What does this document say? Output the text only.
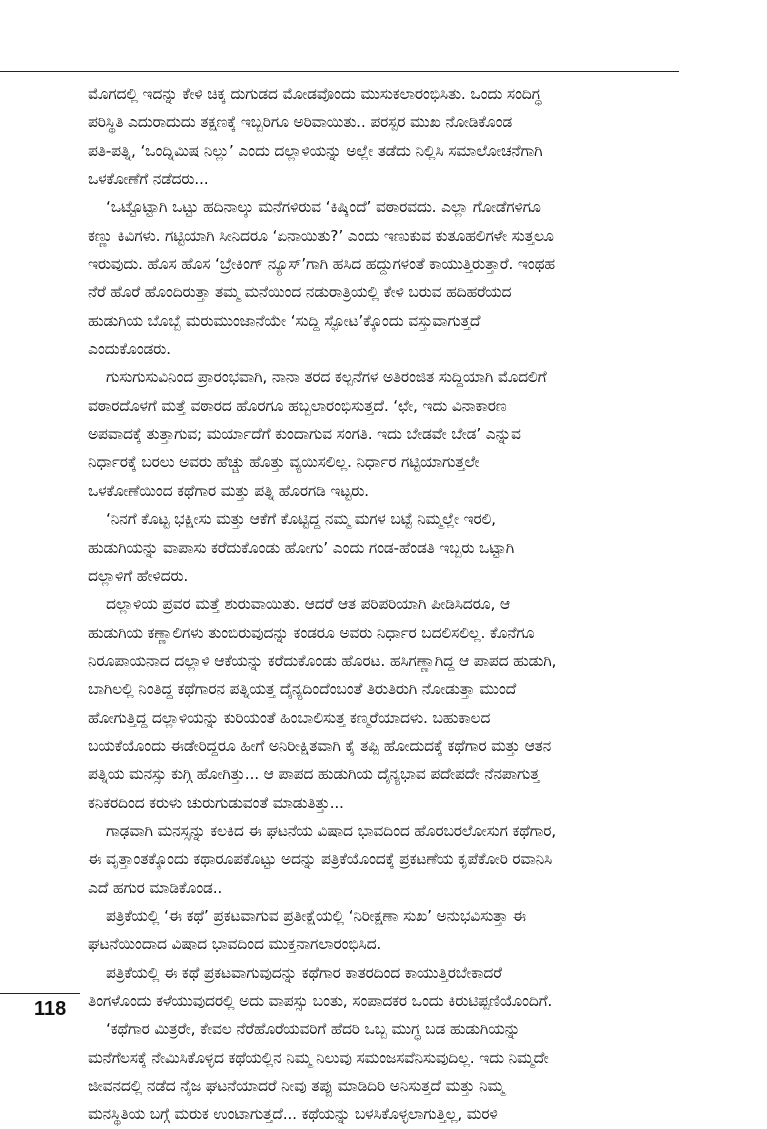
ಮೊಗದಲ್ಲಿ ಇದನ್ನು ಕೇಳಿ ಚಿಕ್ಕ ದುಗುಡದ ಮೋಡವೊಂದು ಮುಸುಕಲಾರಂಭಿಸಿತು. ಒಂದು ಸಂದಿಗ್ಧ
ಪರಿಸ್ಥಿತಿ ಎದುರಾದುದು ತಕ್ಷಣಕ್ಕೆ ಇಬ್ಬರಿಗೂ ಅರಿವಾಯಿತು.. ಪರಸ್ಪರ ಮುಖ ನೋಡಿಕೊಂಡ
ಪತಿ-ಪತ್ನಿ, ‘ಒಂದ್ನಿಮಿಷ ನಿಲ್ಲು’ ಎಂದು ದಲ್ಲಾಳಿಯನ್ನು ಅಲ್ಲೇ ತಡೆದು ನಿಲ್ಲಿಸಿ ಸಮಾಲೋಚನೆಗಾಗಿ
ಒಳಕೋಣೆಗೆ ನಡೆದರು...
‘ಒಟ್ಟೊಟ್ಟಾಗಿ ಒಟ್ಟು ಹದಿನಾಲ್ಕು ಮನೆಗಳಿರುವ ‘ಕಿಷ್ಕಿಂದೆ’ ವಠಾರವದು. ಎಲ್ಲಾ ಗೋಡೆಗಳಿಗೂ
ಕಣ್ಣು ಕಿವಿಗಳು. ಗಟ್ಟಿಯಾಗಿ ಸೀನಿದರೂ ‘ಏನಾಯಿತು?’ ಎಂದು ಇಣುಕುವ ಕುತೂಹಲಿಗಳೇ ಸುತ್ತಲೂ
ಇರುವುದು. ಹೊಸ ಹೊಸ ‘ಬ್ರೇಕಿಂಗ್ ನ್ಯೂಸ್’ಗಾಗಿ ಹಸಿದ ಹದ್ದುಗಳಂತೆ ಕಾಯುತ್ತಿರುತ್ತಾರೆ. ಇಂಥಹ
ನೆರೆ ಹೊರೆ ಹೊಂದಿರುತ್ತಾ ತಮ್ಮ ಮನೆಯಿಂದ ನಡುರಾತ್ರಿಯಲ್ಲಿ ಕೇಳಿ ಬರುವ ಹದಿಹರೆಯದ
ಹುಡುಗಿಯ ಬೊಬ್ಬೆ ಮರುಮುಂಜಾನೆಯೇ ‘ಸುದ್ದಿ ಸ್ಫೋಟ’ಕ್ಕೊಂದು ವಸ್ತುವಾಗುತ್ತದೆ
ಎಂದುಕೊಂಡರು.
ಗುಸುಗುಸುವಿನಿಂದ ಪ್ರಾರಂಭವಾಗಿ, ನಾನಾ ತರದ ಕಲ್ಪನೆಗಳ ಅತಿರಂಜಿತ ಸುದ್ದಿಯಾಗಿ ಮೊದಲಿಗೆ
ವಠಾರದೊಳಗೆ ಮತ್ತೆ ವಠಾರದ ಹೊರಗೂ ಹಬ್ಬಲಾರಂಭಿಸುತ್ತದೆ. ‘ಛೇ, ಇದು ವಿನಾಕಾರಣ
ಅಪವಾದಕ್ಕೆ ತುತ್ತಾಗುವ; ಮರ್ಯಾದೆಗೆ ಕುಂದಾಗುವ ಸಂಗತಿ. ಇದು ಬೇಡವೇ ಬೇಡ’ ಎನ್ನುವ
ನಿರ್ಧಾರಕ್ಕೆ ಬರಲು ಅವರು ಹೆಚ್ಚು ಹೊತ್ತು ವ್ಯಯಿಸಲಿಲ್ಲ. ನಿರ್ಧಾರ ಗಟ್ಟಿಯಾಗುತ್ತಲೇ
ಒಳಕೋಣೆಯಿಂದ ಕಥೆಗಾರ ಮತ್ತು ಪತ್ನಿ ಹೊರಗಡಿ ಇಟ್ಟರು.
‘ನಿನಗೆ ಕೊಟ್ಟ ಭಕ್ಷೀಸು ಮತ್ತು ಆಕೆಗೆ ಕೊಟ್ಟಿದ್ದ ನಮ್ಮ ಮಗಳ ಬಟ್ಟೆ ನಿಮ್ಮಲ್ಲೇ ಇರಲಿ,
ಹುಡುಗಿಯನ್ನು ವಾಪಾಸು ಕರೆದುಕೊಂಡು ಹೋಗು’ ಎಂದು ಗಂಡ-ಹೆಂಡತಿ ಇಬ್ಬರು ಒಟ್ಟಾಗಿ
ದಲ್ಲಾಳಿಗೆ ಹೇಳಿದರು.
ದಲ್ಲಾಳಿಯ ಪ್ರವರ ಮತ್ತೆ ಶುರುವಾಯಿತು. ಆದರೆ ಆತ ಪರಿಪರಿಯಾಗಿ ಪೀಡಿಸಿದರೂ, ಆ
ಹುಡುಗಿಯ ಕಣ್ಣಾಲಿಗಳು ತುಂಬಿರುವುದನ್ನು ಕಂಡರೂ ಅವರು ನಿರ್ಧಾರ ಬದಲಿಸಲಿಲ್ಲ. ಕೊನೆಗೂ
ನಿರೂಪಾಯನಾದ ದಲ್ಲಾಳಿ ಆಕೆಯನ್ನು ಕರೆದುಕೊಂಡು ಹೊರಟ. ಹಸಿಗಣ್ಣಾಗಿದ್ದ ಆ ಪಾಪದ ಹುಡುಗಿ,
ಬಾಗಿಲಲ್ಲಿ ನಿಂತಿದ್ದ ಕಥೆಗಾರನ ಪತ್ನಿಯತ್ತ ದೈನ್ಯದಿಂದೆಂಬಂತೆ ತಿರುತಿರುಗಿ ನೋಡುತ್ತಾ ಮುಂದೆ
ಹೋಗುತ್ತಿದ್ದ ದಲ್ಲಾಳಿಯನ್ನು ಕುರಿಯಂತೆ ಹಿಂಬಾಲಿಸುತ್ತ ಕಣ್ಮರೆಯಾದಳು. ಬಹುಕಾಲದ
ಬಯಕೆಯೊಂದು ಈಡೇರಿದ್ದರೂ ಹೀಗೆ ಅನಿರೀಕ್ಷಿತವಾಗಿ ಕೈ ತಪ್ಪಿ ಹೋದುದಕ್ಕೆ ಕಥೆಗಾರ ಮತ್ತು ಆತನ
ಪತ್ನಿಯ ಮನಸ್ಸು ಕುಗ್ಗಿ ಹೋಗಿತ್ತು... ಆ ಪಾಪದ ಹುಡುಗಿಯ ದೈನ್ಯಭಾವ ಪದೇಪದೇ ನೆನಪಾಗುತ್ತ
ಕನಿಕರದಿಂದ ಕರುಳು ಚುರುಗುಡುವಂತೆ ಮಾಡುತಿತ್ತು...
ಗಾಢವಾಗಿ ಮನಸ್ಸನ್ನು ಕಲಕಿದ ಈ ಘಟನೆಯ ವಿಷಾದ ಭಾವದಿಂದ ಹೊರಬರಲೋಸುಗ ಕಥೆಗಾರ,
ಈ ವೃತ್ತಾಂತಕ್ಕೊಂದು ಕಥಾರೂಪಕೊಟ್ಟು ಅದನ್ನು ಪತ್ರಿಕೆಯೊಂದಕ್ಕೆ ಪ್ರಕಟಣೆಯ ಕೃಪೆಕೋರಿ ರವಾನಿಸಿ
ಎದೆ ಹಗುರ ಮಾಡಿಕೊಂಡ..
ಪತ್ರಿಕೆಯಲ್ಲಿ ‘ಈ ಕಥೆ’ ಪ್ರಕಟವಾಗುವ ಪ್ರತೀಕ್ಷೆಯಲ್ಲಿ ‘ನಿರೀಕ್ಷಣಾ ಸುಖ’ ಅನುಭವಿಸುತ್ತಾ ಈ
ಘಟನೆಯಿಂದಾದ ವಿಷಾದ ಭಾವದಿಂದ ಮುಕ್ತನಾಗಲಾರಂಭಿಸಿದ.
ಪತ್ರಿಕೆಯಲ್ಲಿ ಈ ಕಥೆ ಪ್ರಕಟವಾಗುವುದನ್ನು ಕಥೆಗಾರ ಕಾತರದಿಂದ ಕಾಯುತ್ತಿರಬೇಕಾದರೆ
ತಿಂಗಳೊಂದು ಕಳೆಯುವುದರಲ್ಲಿ ಅದು ವಾಪಸ್ಸು ಬಂತು, ಸಂಪಾದಕರ ಒಂದು ಕಿರುಟಿಪ್ಪಣಿಯೊಂದಿಗೆ.
‘ಕಥೆಗಾರ ಮಿತ್ರರೇ, ಕೇವಲ ನೆರೆಹೊರೆಯವರಿಗೆ ಹೆದರಿ ಒಬ್ಬ ಮುಗ್ಧ ಬಡ ಹುಡುಗಿಯನ್ನು
ಮನೆಗೆಲಸಕ್ಕೆ ನೇಮಿಸಿಕೊಳ್ಳದ ಕಥೆಯಲ್ಲಿನ ನಿಮ್ಮ ನಿಲುವು ಸಮಂಜಸವೆನಿಸುವುದಿಲ್ಲ. ಇದು ನಿಮ್ಮದೇ
ಜೀವನದಲ್ಲಿ ನಡೆದ ನೈಜ ಘಟನೆಯಾದರೆ ನೀವು ತಪ್ಪು ಮಾಡಿದಿರಿ ಅನಿಸುತ್ತದೆ ಮತ್ತು ನಿಮ್ಮ
ಮನಸ್ಥಿತಿಯ ಬಗ್ಗೆ ಮರುಕ ಉಂಟಾಗುತ್ತದೆ... ಕಥೆಯನ್ನು ಬಳಸಿಕೊಳ್ಳಲಾಗುತ್ತಿಲ್ಲ, ಮರಳಿ
118
